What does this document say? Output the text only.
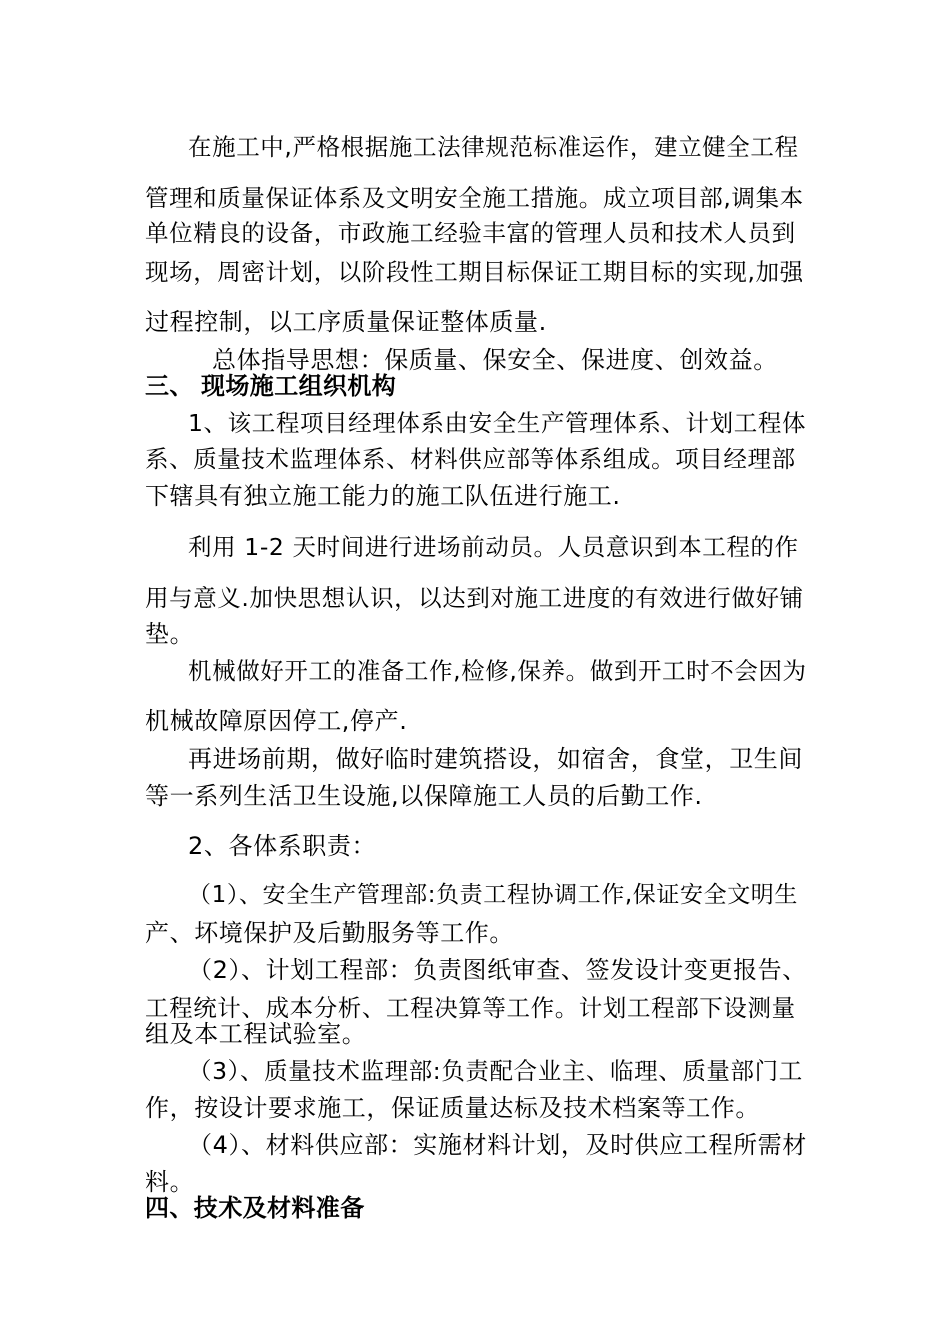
在施工中,严格根据施工法律规范标准运作，建立健全工程
管理和质量保证体系及文明安全施工措施。成立项目部,调集本
单位精良的设备，市政施工经验丰富的管理人员和技术人员到
现场，周密计划，以阶段性工期目标保证工期目标的实现,加强
过程控制，以工序质量保证整体质量.
总体指导思想：保质量、保安全、保进度、创效益。
三、 现场施工组织机构
1、该工程项目经理体系由安全生产管理体系、计划工程体
系、质量技术监理体系、材料供应部等体系组成。项目经理部
下辖具有独立施工能力的施工队伍进行施工.
利用 1-2 天时间进行进场前动员。人员意识到本工程的作
用与意义.加快思想认识，以达到对施工进度的有效进行做好铺
垫。
机械做好开工的准备工作,检修,保养。做到开工时不会因为
机械故障原因停工,停产.
再进场前期，做好临时建筑搭设，如宿舍，食堂，卫生间
等一系列生活卫生设施,以保障施工人员的后勤工作.
2、各体系职责：
（1）、安全生产管理部:负责工程协调工作,保证安全文明生
产、坏境保护及后勤服务等工作。
（2）、计划工程部：负责图纸审查、签发设计变更报告、
工程统计、成本分析、工程决算等工作。计划工程部下设测量
组及本工程试验室。
（3）、质量技术监理部:负责配合业主、临理、质量部门工
作，按设计要求施工，保证质量达标及技术档案等工作。
（4）、材料供应部：实施材料计划，及时供应工程所需材
料。
四、技术及材料准备
